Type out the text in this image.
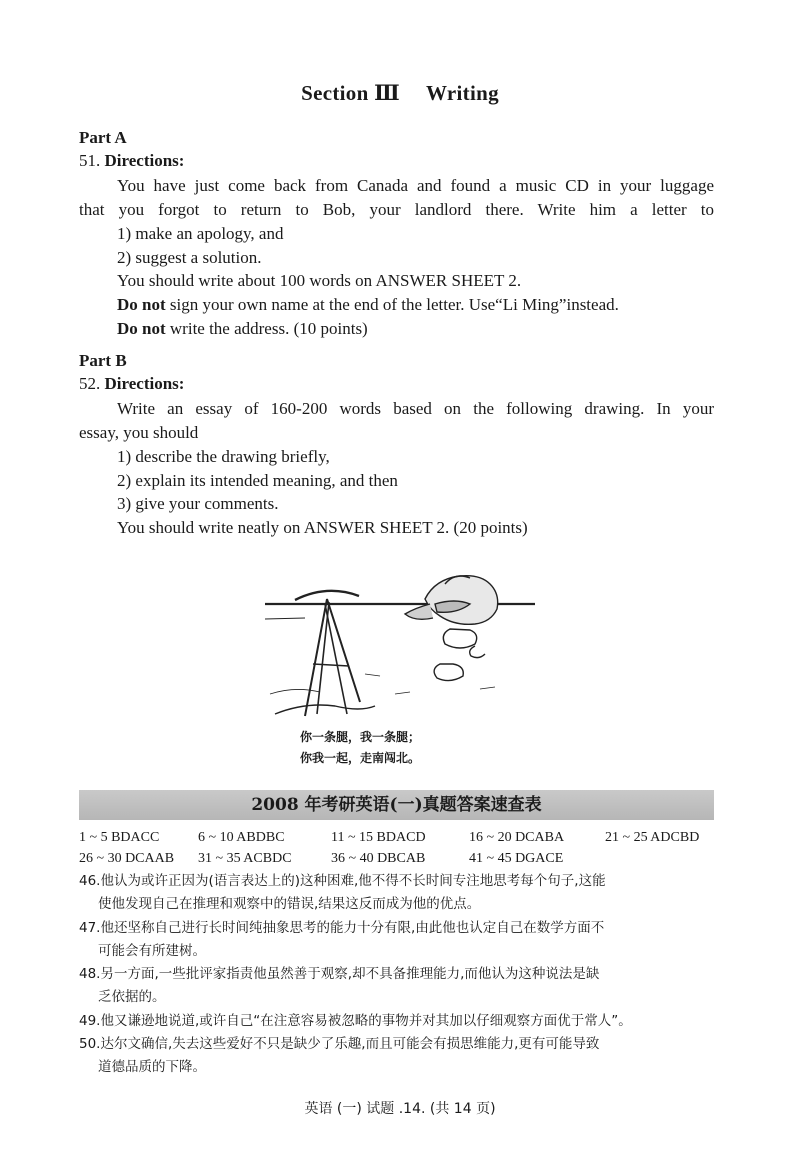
Section Ⅲ Writing
Part A
51. Directions:
You have just come back from Canada and found a music CD in your luggage
that you forgot to return to Bob, your landlord there. Write him a letter to
1) make an apology, and
2) suggest a solution.
You should write about 100 words on ANSWER SHEET 2.
Do not sign your own name at the end of the letter. Use“Li Ming”instead.
Do not write the address. (10 points)
Part B
52. Directions:
Write an essay of 160-200 words based on the following drawing. In your
essay, you should
1) describe the drawing briefly,
2) explain its intended meaning, and then
3) give your comments.
You should write neatly on ANSWER SHEET 2. (20 points)
你一条腿，我一条腿；
你我一起，走南闯北。
2008 年考研英语(一)真题答案速查表
1 ~ 5 BDACC	6 ~ 10 ABDBC	11 ~ 15 BDACD	16 ~ 20 DCABA	21 ~ 25 ADCBD
26 ~ 30 DCAAB 31 ~ 35 ACBDC	36 ~ 40 DBCAB	41 ~ 45 DGACE
46.他认为或许正因为(语言表达上的)这种困难,他不得不长时间专注地思考每个句子,这能
使他发现自己在推理和观察中的错误,结果这反而成为他的优点。
47.他还坚称自己进行长时间纯抽象思考的能力十分有限,由此他也认定自己在数学方面不
可能会有所建树。
48.另一方面,一些批评家指责他虽然善于观察,却不具备推理能力,而他认为这种说法是缺
乏依据的。
49.他又谦逊地说道,或许自己“在注意容易被忽略的事物并对其加以仔细观察方面优于常人”。
50.达尔文确信,失去这些爱好不只是缺少了乐趣,而且可能会有损思维能力,更有可能导致
道德品质的下降。
英语 (一) 试题 .14. (共 14 页)
